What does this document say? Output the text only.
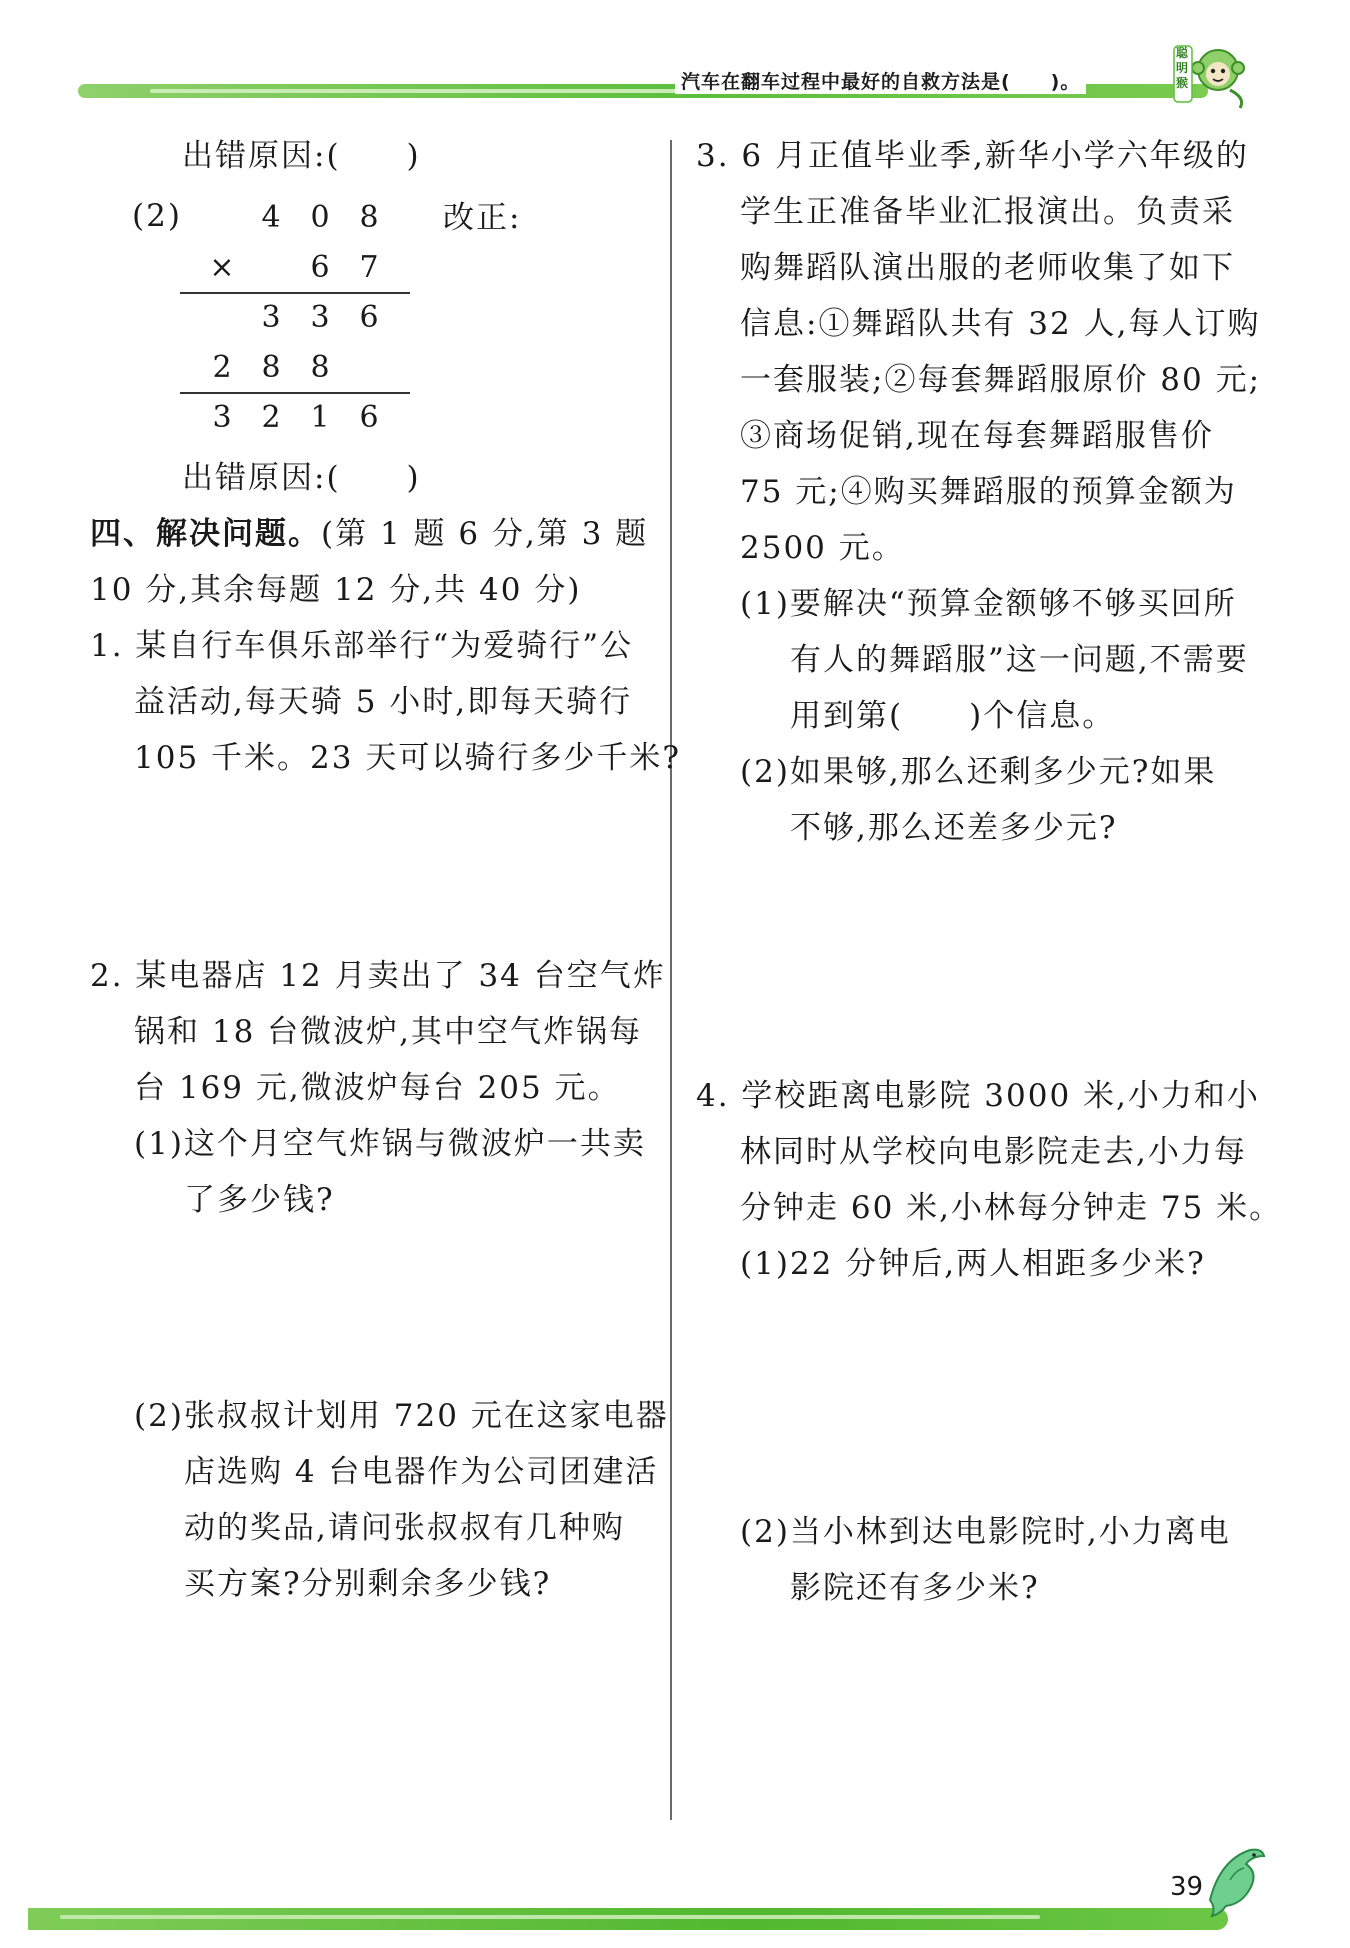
汽车在翻车过程中最好的自救方法是(　　)。
聪明猴
出错原因:(　　)
(2)	改正:
4 0 8
×	6 7
3 3 6
2 8 8
3 2 1 6
出错原因:(　　)
四、解决问题。(第 1 题 6 分,第 3 题
10 分,其余每题 12 分,共 40 分)
1. 某自行车俱乐部举行“为爱骑行”公
益活动,每天骑 5 小时,即每天骑行
105 千米。23 天可以骑行多少千米?
2. 某电器店 12 月卖出了 34 台空气炸
锅和 18 台微波炉,其中空气炸锅每
台 169 元,微波炉每台 205 元。
(1)这个月空气炸锅与微波炉一共卖
了多少钱?
(2)张叔叔计划用 720 元在这家电器
店选购 4 台电器作为公司团建活
动的奖品,请问张叔叔有几种购
买方案?分别剩余多少钱?
3. 6 月正值毕业季,新华小学六年级的
学生正准备毕业汇报演出。负责采
购舞蹈队演出服的老师收集了如下
信息:①舞蹈队共有 32 人,每人订购
一套服装;②每套舞蹈服原价 80 元;
③商场促销,现在每套舞蹈服售价
75 元;④购买舞蹈服的预算金额为
2500 元。
(1)要解决“预算金额够不够买回所
有人的舞蹈服”这一问题,不需要
用到第(　　)个信息。
(2)如果够,那么还剩多少元?如果
不够,那么还差多少元?
4. 学校距离电影院 3000 米,小力和小
林同时从学校向电影院走去,小力每
分钟走 60 米,小林每分钟走 75 米。
(1)22 分钟后,两人相距多少米?
(2)当小林到达电影院时,小力离电
影院还有多少米?
39
